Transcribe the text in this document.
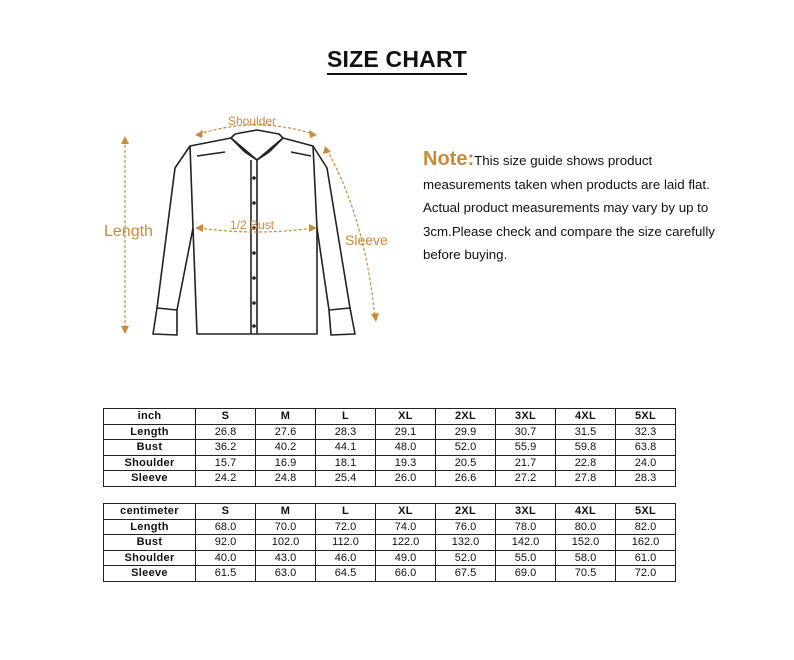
SIZE CHART
Shoulder
Length	1/2 Bust
Sleeve
Note:This size guide shows product measurements taken when products are laid flat. Actual product measurements may vary by up to 3cm.Please check and compare the size carefully before buying.
inch	S	M	L	XL	2XL	3XL	4XL	5XL
Length	26.8	27.6	28.3	29.1	29.9	30.7	31.5	32.3
Bust	36.2	40.2	44.1	48.0	52.0	55.9	59.8	63.8
Shoulder	15.7	16.9	18.1	19.3	20.5	21.7	22.8	24.0
Sleeve	24.2	24.8	25.4	26.0	26.6	27.2	27.8	28.3
centimeter	S	M	L	XL	2XL	3XL	4XL	5XL
Length	68.0	70.0	72.0	74.0	76.0	78.0	80.0	82.0
Bust	92.0	102.0	112.0	122.0	132.0	142.0	152.0	162.0
Shoulder	40.0	43.0	46.0	49.0	52.0	55.0	58.0	61.0
Sleeve	61.5	63.0	64.5	66.0	67.5	69.0	70.5	72.0
